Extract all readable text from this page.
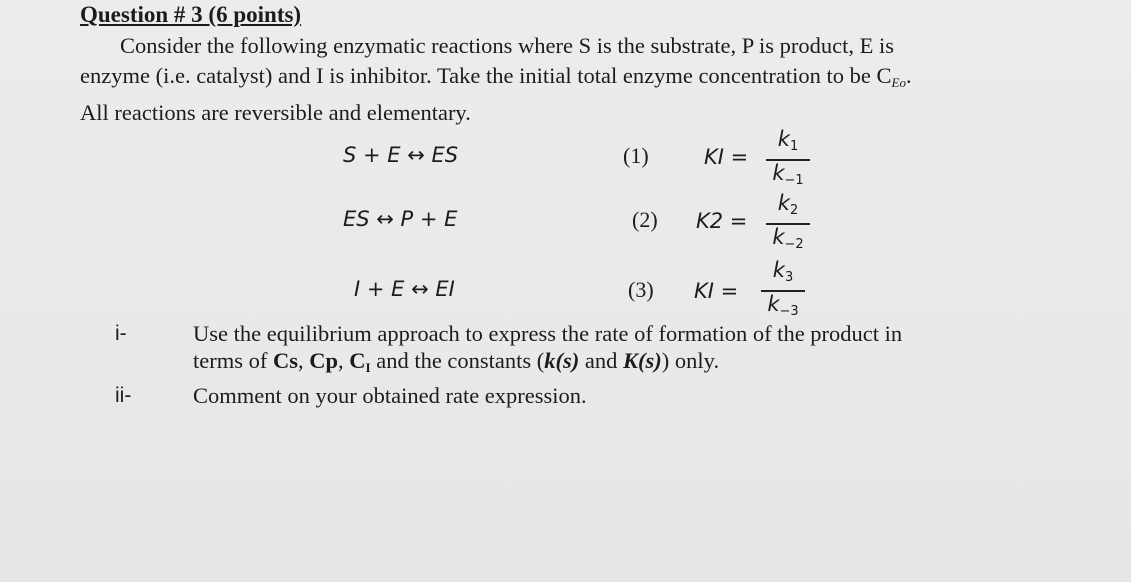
Question # 3 (6 points)

Consider the following enzymatic reactions where S is the substrate, P is product, E is

enzyme (i.e. catalyst) and I is inhibitor. Take the initial total enzyme concentration to be $C_{Eo}$.

All reactions are reversible and elementary.

S + E ↔ ES	(1)	KI =
$k_1$
$k_{-1}$
ES ↔ P + E	(2) K2 =
$k_2$
$k_{-2}$
I + E ↔ EI	(3) KI =
$k_3$
$k_{-3}$
i-	Use the equilibrium approach to express the rate of formation of the product in
terms of Cs, Cp, $C_I$ and the constants (k(s) and K(s)) only.
ii-	Comment on your obtained rate expression.
